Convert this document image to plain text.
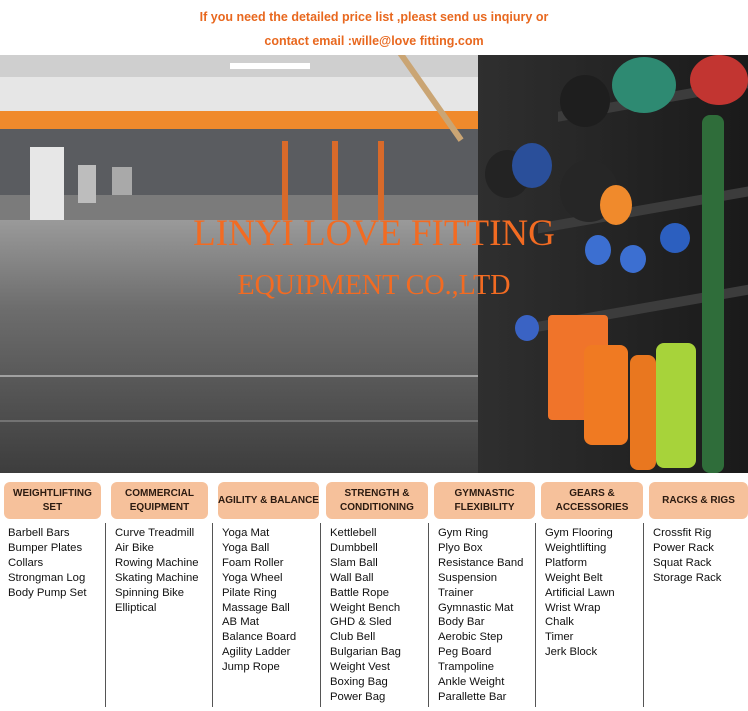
If you need the detailed price list ,pleast send us inqiury or
contact email :wille@love fitting.com
LINYI LOVE FITTING
EQUIPMENT CO.,LTD
WEIGHTLIFTING SET
Barbell Bars
Bumper Plates
Collars
Strongman Log
Body Pump Set
COMMERCIAL EQUIPMENT
Curve Treadmill
Air Bike
Rowing Machine
Skating Machine
Spinning Bike
Elliptical
AGILITY & BALANCE
Yoga Mat
Yoga Ball
Foam Roller
Yoga Wheel
Pilate Ring
Massage Ball
AB Mat
Balance Board
Agility Ladder
Jump Rope
STRENGTH & CONDITIONING
Kettlebell
Dumbbell
Slam Ball
Wall Ball
Battle Rope
Weight Bench
GHD & Sled
Club Bell
Bulgarian Bag
Weight Vest
Boxing Bag
Power Bag
GYMNASTIC FLEXIBILITY
Gym Ring
Plyo Box
Resistance Band
Suspension
Trainer
Gymnastic Mat
Body Bar
Aerobic Step
Peg Board
Trampoline
Ankle Weight
Parallette Bar
GEARS & ACCESSORIES
Gym Flooring
Weightlifting
Platform
Weight Belt
Artificial Lawn
Wrist Wrap
Chalk
Timer
Jerk Block
RACKS & RIGS
Crossfit Rig
Power Rack
Squat Rack
Storage Rack
